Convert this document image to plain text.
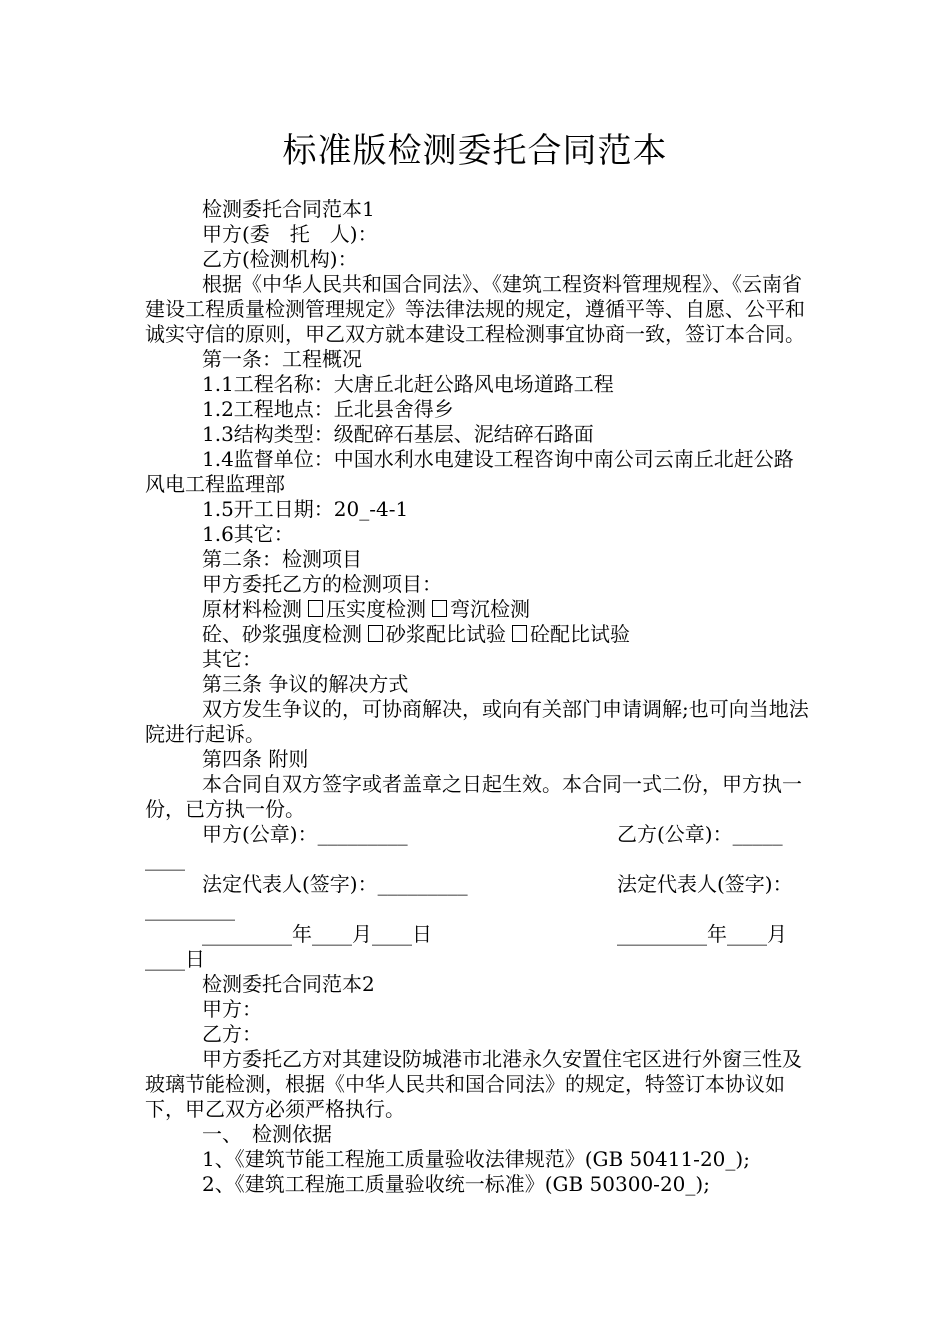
标准版检测委托合同范本

检测委托合同范本1

甲方(委　托　人)：

乙方(检测机构)：

根据《中华人民共和国合同法》、《建筑工程资料管理规程》、《云南省建设工程质量检测管理规定》等法律法规的规定，遵循平等、自愿、公平和诚实守信的原则，甲乙双方就本建设工程检测事宜协商一致，签订本合同。

第一条：工程概况

1.1工程名称：大唐丘北赶公路风电场道路工程

1.2工程地点：丘北县舍得乡

1.3结构类型：级配碎石基层、泥结碎石路面

1.4监督单位：中国水利水电建设工程咨询中南公司云南丘北赶公路风电工程监理部

1.5开工日期：20_-4-1

1.6其它：

第二条：检测项目

甲方委托乙方的检测项目：

原材料检测 压实度检测 弯沉检测

砼、砂浆强度检测 砂浆配比试验 砼配比试验

其它：

第三条 争议的解决方式

双方发生争议的，可协商解决，或向有关部门申请调解;也可向当地法院进行起诉。

第四条 附则

本合同自双方签字或者盖章之日起生效。本合同一式二份，甲方执一份，已方执一份。

甲方(公章)：_________	乙方(公章)：_____
____
法定代表人(签字)：_________	法定代表人(签字)：
_________
_________年____月____日	_________年____月
____日

检测委托合同范本2

甲方：

乙方：

甲方委托乙方对其建设防城港市北港永久安置住宅区进行外窗三性及玻璃节能检测，根据《中华人民共和国合同法》的规定，特签订本协议如下，甲乙双方必须严格执行。

一、　检测依据

1、《建筑节能工程施工质量验收法律规范》(GB 50411-20_);

2、《建筑工程施工质量验收统一标准》(GB 50300-20_);
